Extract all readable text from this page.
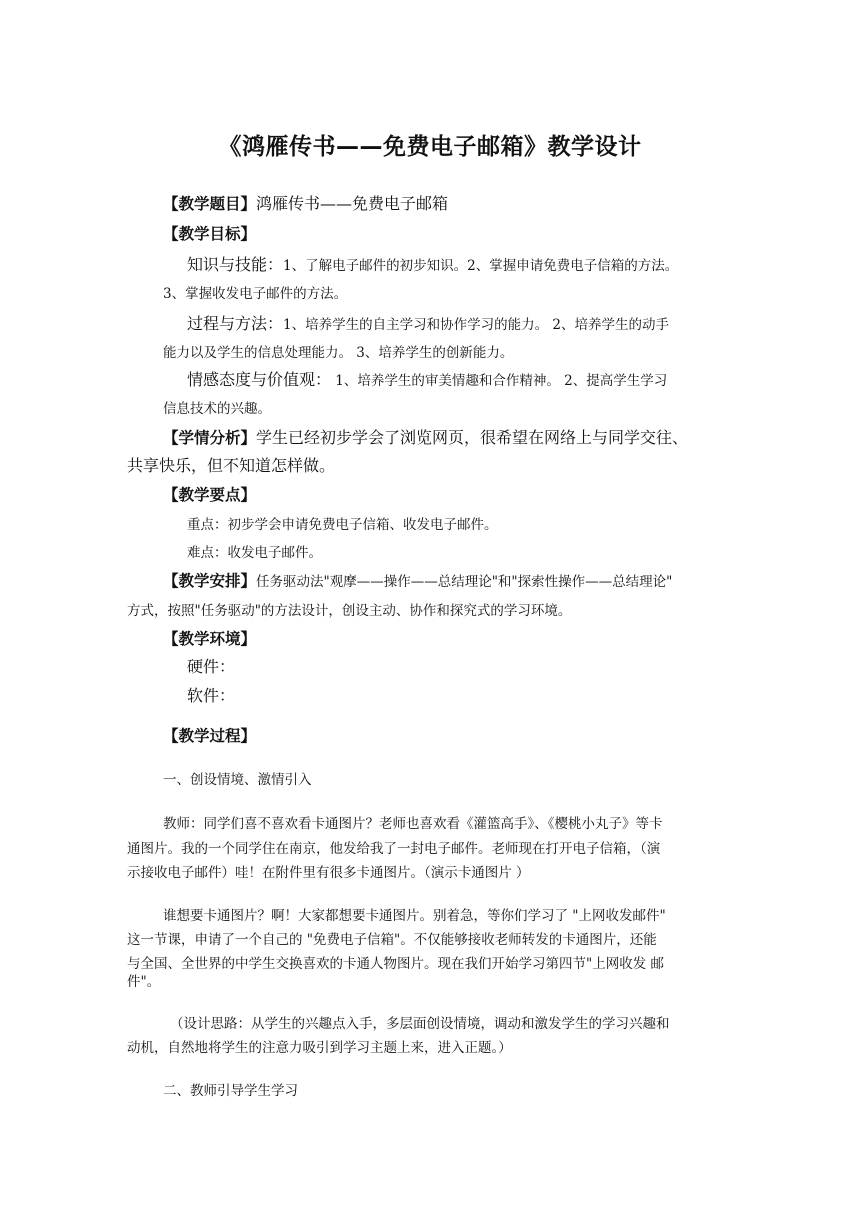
《鸿雁传书——免费电子邮箱》教学设计
【教学题目】鸿雁传书——免费电子邮箱
【教学目标】
知识与技能：1、了解电子邮件的初步知识。2、掌握申请免费电子信箱的方法。
3、掌握收发电子邮件的方法。
过程与方法：1、培养学生的自主学习和协作学习的能力。 2、培养学生的动手
能力以及学生的信息处理能力。 3、培养学生的创新能力。
情感态度与价值观： 1、培养学生的审美情趣和合作精神。 2、提高学生学习
信息技术的兴趣。
【学情分析】学生已经初步学会了浏览网页，很希望在网络上与同学交往、
共享快乐，但不知道怎样做。
【教学要点】
重点：初步学会申请免费电子信箱、收发电子邮件。
难点：收发电子邮件。
【教学安排】任务驱动法"观摩——操作——总结理论"和"探索性操作——总结理论"
方式，按照"任务驱动"的方法设计，创设主动、协作和探究式的学习环境。
【教学环境】
硬件：
软件：
【教学过程】
一、创设情境、激情引入
教师：同学们喜不喜欢看卡通图片？老师也喜欢看《灌篮高手》、《樱桃小丸子》等卡
通图片。我的一个同学住在南京，他发给我了一封电子邮件。老师现在打开电子信箱，（演
示接收电子邮件）哇！在附件里有很多卡通图片。（演示卡通图片 ）
谁想要卡通图片？啊！大家都想要卡通图片。别着急，等你们学习了 "上网收发邮件"
这一节课，申请了一个自己的 "免费电子信箱"。不仅能够接收老师转发的卡通图片，还能
与全国、全世界的中学生交换喜欢的卡通人物图片。现在我们开始学习第四节"上网收发 邮
件"。
（设计思路：从学生的兴趣点入手，多层面创设情境，调动和激发学生的学习兴趣和
动机，自然地将学生的注意力吸引到学习主题上来，进入正题。）
二、教师引导学生学习
